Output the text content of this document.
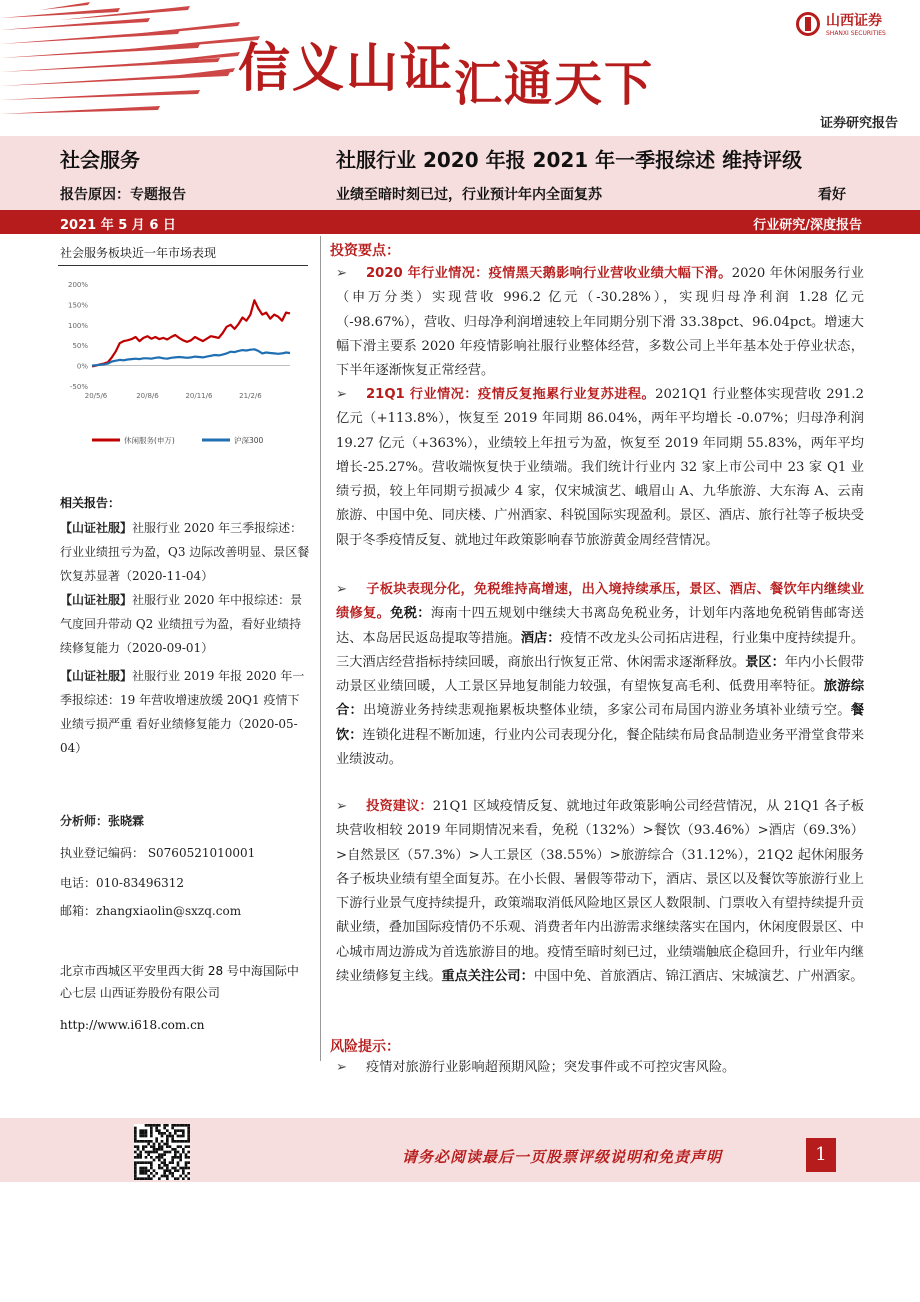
信义山证汇通天下
山西证券
SHANXI SECURITIES
证券研究报告
社会服务	社服行业 2020 年报 2021 年一季报综述 维持评级
报告原因：专题报告	业绩至暗时刻已过，行业预计年内全面复苏	看好
2021 年 5 月 6 日	行业研究/深度报告
社会服务板块近一年市场表现
200%
150%
100%
50%
0%
-50%
20/5/6	20/8/6	20/11/6	21/2/6
休闲服务(申万)	沪深300
相关报告：
【山证社服】社服行业 2020 年三季报综述：行业业绩扭亏为盈，Q3 边际改善明显、景区餐饮复苏显著（2020-11-04）
【山证社服】社服行业 2020 年中报综述：景气度回升带动 Q2 业绩扭亏为盈，看好业绩持续修复能力（2020-09-01）
【山证社服】社服行业 2019 年报 2020 年一季报综述：19 年营收增速放缓 20Q1 疫情下业绩亏损严重 看好业绩修复能力（2020-05-04）
分析师：张晓霖
执业登记编码： S0760521010001
电话：010-83496312
邮箱：zhangxiaolin@sxzq.com
北京市西城区平安里西大街 28 号中海国际中心七层 山西证券股份有限公司
http://www.i618.com.cn
投资要点：
➢ 2020 年行业情况：疫情黑天鹅影响行业营收业绩大幅下滑。2020 年休闲服务行业（申万分类）实现营收 996.2 亿元（-30.28%），实现归母净利润 1.28 亿元（-98.67%），营收、归母净利润增速较上年同期分别下滑 33.38pct、96.04pct。增速大幅下滑主要系 2020 年疫情影响社服行业整体经营，多数公司上半年基本处于停业状态，下半年逐渐恢复正常经营。
➢ 21Q1 行业情况：疫情反复拖累行业复苏进程。2021Q1 行业整体实现营收 291.2 亿元（+113.8%），恢复至 2019 年同期 86.04%，两年平均增长 -0.07%；归母净利润 19.27 亿元（+363%），业绩较上年扭亏为盈，恢复至 2019 年同期 55.83%，两年平均增长-25.27%。营收端恢复快于业绩端。我们统计行业内 32 家上市公司中 23 家 Q1 业绩亏损，较上年同期亏损减少 4 家，仅宋城演艺、峨眉山 A、九华旅游、大东海 A、云南旅游、中国中免、同庆楼、广州酒家、科锐国际实现盈利。景区、酒店、旅行社等子板块受限于冬季疫情反复、就地过年政策影响春节旅游黄金周经营情况。
➢ 子板块表现分化，免税维持高增速，出入境持续承压，景区、酒店、餐饮年内继续业绩修复。免税：海南十四五规划中继续大书离岛免税业务，计划年内落地免税销售邮寄送达、本岛居民返岛提取等措施。酒店：疫情不改龙头公司拓店进程，行业集中度持续提升。三大酒店经营指标持续回暖，商旅出行恢复正常、休闲需求逐渐释放。景区：年内小长假带动景区业绩回暖，人工景区异地复制能力较强，有望恢复高毛利、低费用率特征。旅游综合：出境游业务持续悲观拖累板块整体业绩，多家公司布局国内游业务填补业绩亏空。餐饮：连锁化进程不断加速，行业内公司表现分化，餐企陆续布局食品制造业务平滑堂食带来业绩波动。
➢ 投资建议：21Q1 区域疫情反复、就地过年政策影响公司经营情况，从 21Q1 各子板块营收相较 2019 年同期情况来看，免税（132%）>餐饮（93.46%）>酒店（69.3%）>自然景区（57.3%）>人工景区（38.55%）>旅游综合（31.12%），21Q2 起休闲服务各子板块业绩有望全面复苏。在小长假、暑假等带动下，酒店、景区以及餐饮等旅游行业上下游行业景气度持续提升，政策端取消低风险地区景区人数限制、门票收入有望持续提升贡献业绩，叠加国际疫情仍不乐观、消费者年内出游需求继续落实在国内，休闲度假景区、中心城市周边游成为首选旅游目的地。疫情至暗时刻已过，业绩端触底企稳回升，行业年内继续业绩修复主线。重点关注公司：中国中免、首旅酒店、锦江酒店、宋城演艺、广州酒家。
风险提示：
➢ 疫情对旅游行业影响超预期风险；突发事件或不可控灾害风险。
请务必阅读最后一页股票评级说明和免责声明	1
